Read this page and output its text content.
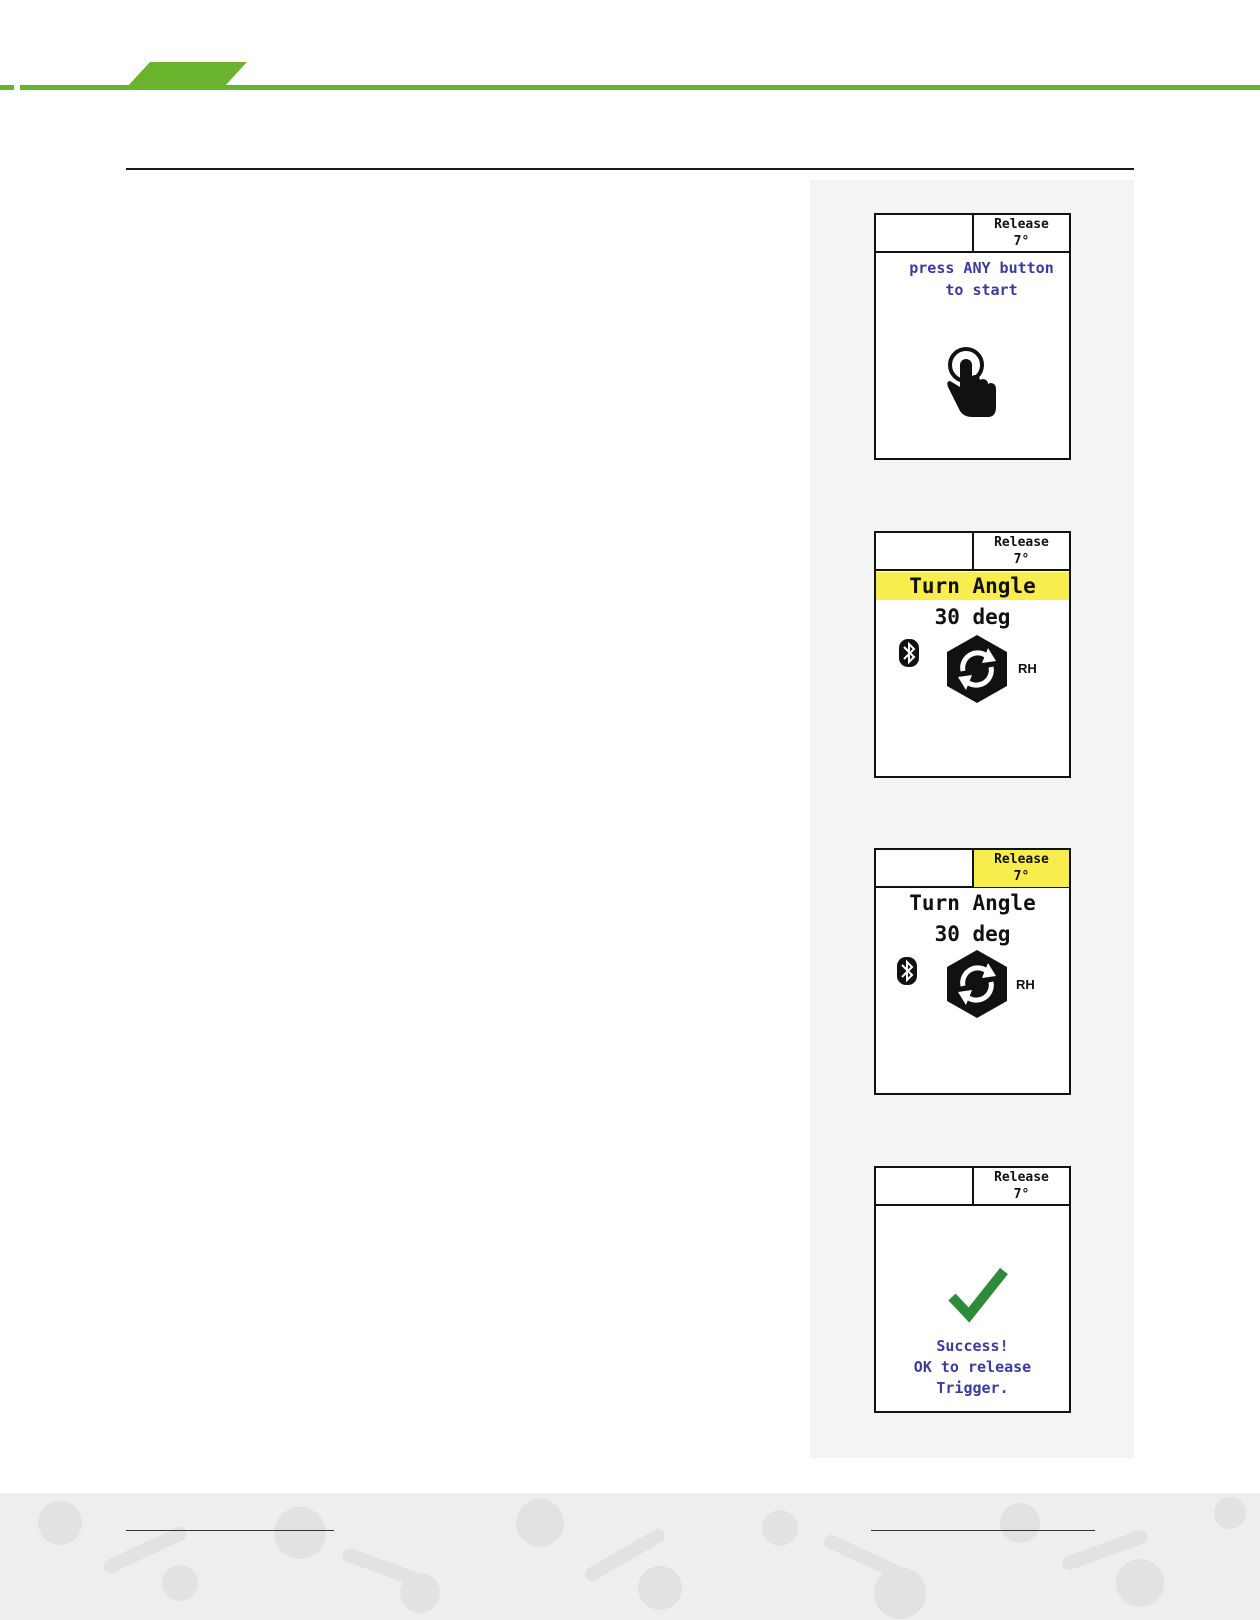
Release
7°
press ANY button
to start
Release
7°
Turn Angle
30 deg
RH
Release
7°
Turn Angle
30 deg
RH
Release
7°
Success!
OK to release
Trigger.
